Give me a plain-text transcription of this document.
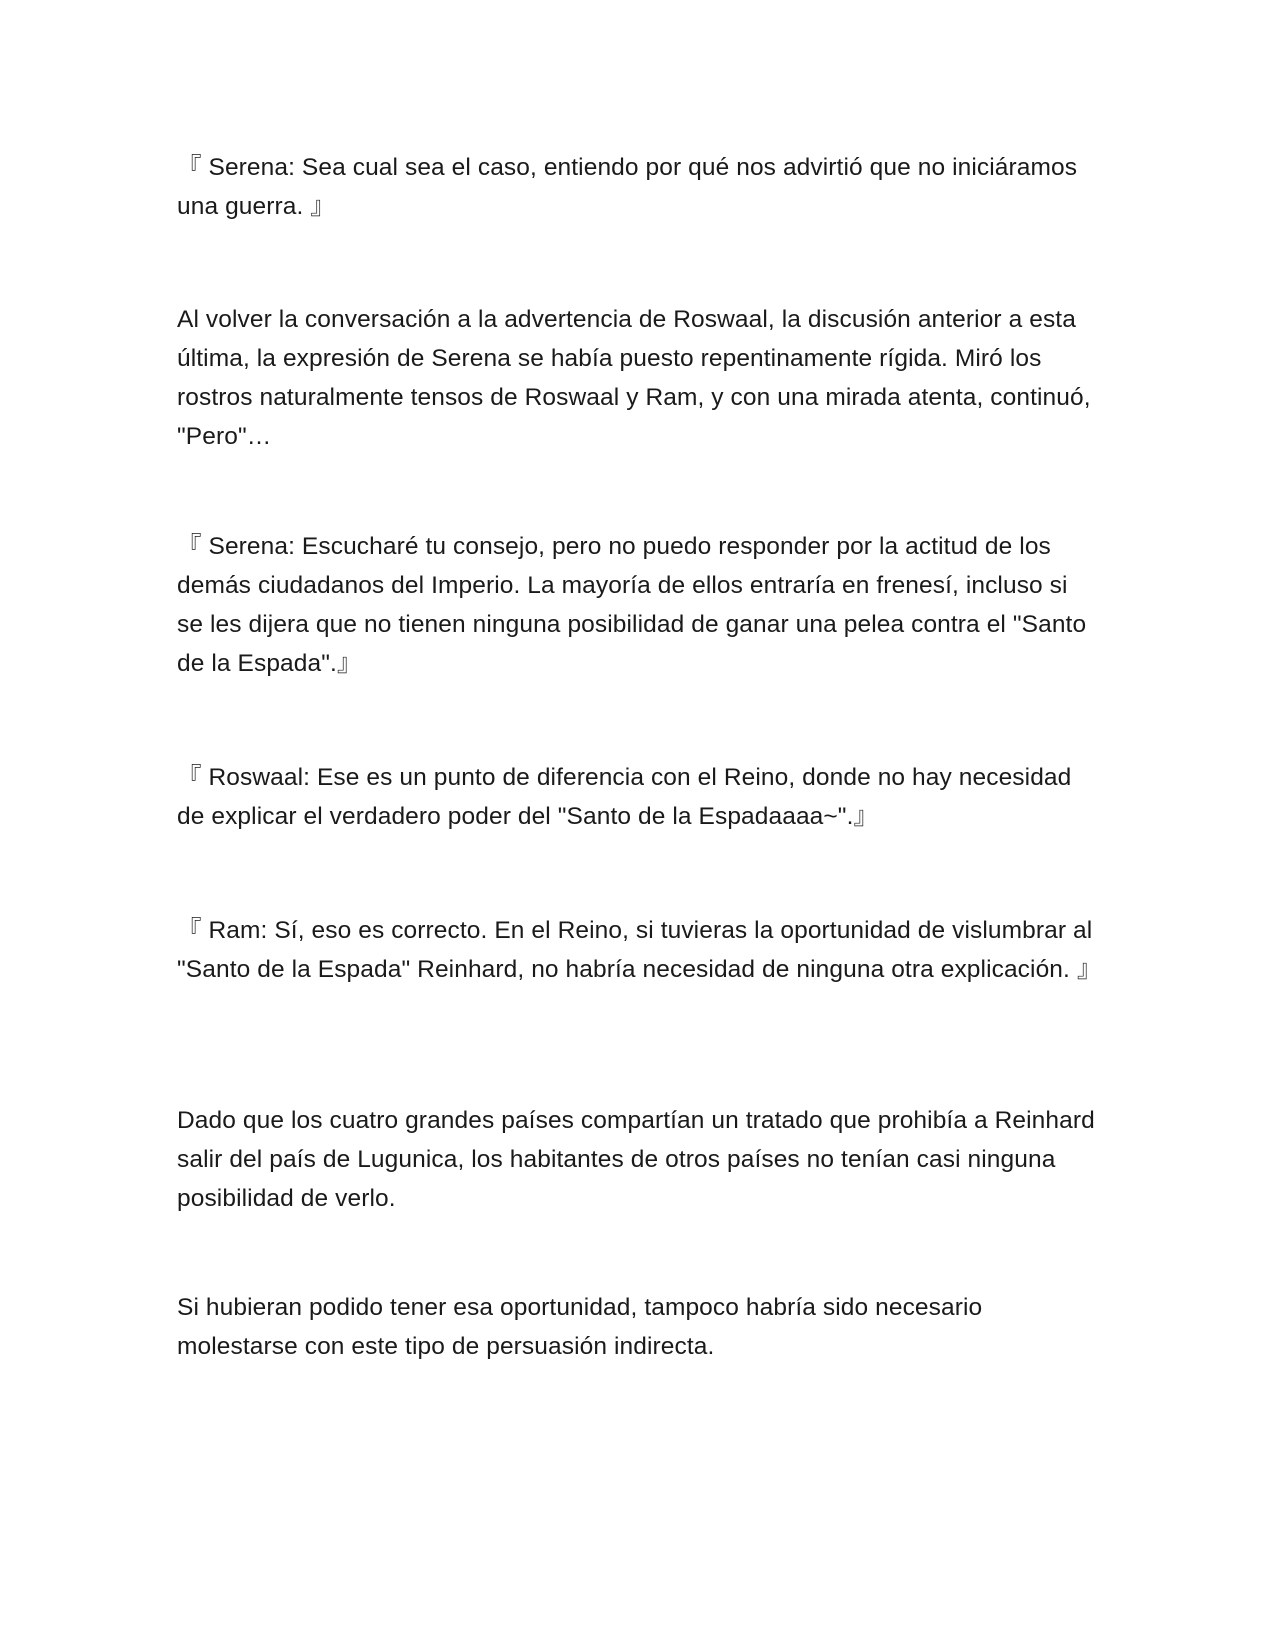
『 Serena: Sea cual sea el caso, entiendo por qué nos advirtió que no iniciáramos una guerra. 』

Al volver la conversación a la advertencia de Roswaal, la discusión anterior a esta última, la expresión de Serena se había puesto repentinamente rígida. Miró los rostros naturalmente tensos de Roswaal y Ram, y con una mirada atenta, continuó, "Pero"…

『 Serena: Escucharé tu consejo, pero no puedo responder por la actitud de los demás ciudadanos del Imperio. La mayoría de ellos entraría en frenesí, incluso si se les dijera que no tienen ninguna posibilidad de ganar una pelea contra el "Santo de la Espada".』

『 Roswaal: Ese es un punto de diferencia con el Reino, donde no hay necesidad de explicar el verdadero poder del "Santo de la Espadaaaa~".』

『 Ram: Sí, eso es correcto. En el Reino, si tuvieras la oportunidad de vislumbrar al "Santo de la Espada" Reinhard, no habría necesidad de ninguna otra explicación. 』

Dado que los cuatro grandes países compartían un tratado que prohibía a Reinhard salir del país de Lugunica, los habitantes de otros países no tenían casi ninguna posibilidad de verlo.

Si hubieran podido tener esa oportunidad, tampoco habría sido necesario molestarse con este tipo de persuasión indirecta.
